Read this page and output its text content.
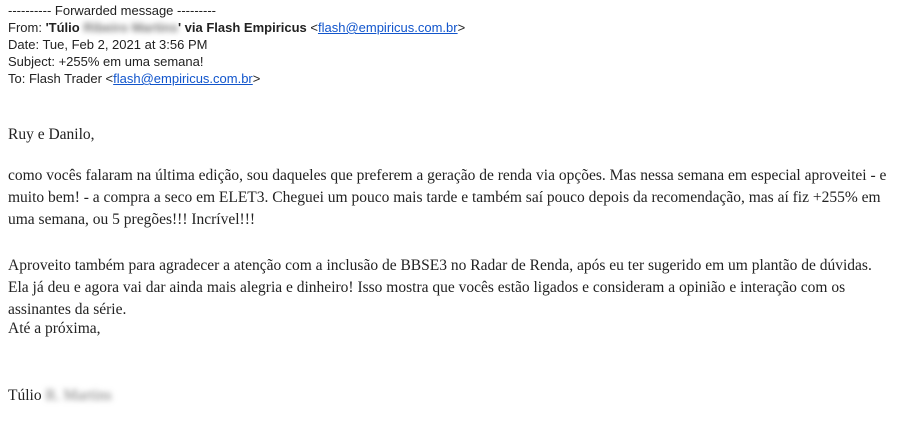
---------- Forwarded message ---------
From: 'Túlio Ribeiro Martins' via Flash Empiricus <flash@empiricus.com.br>
Date: Tue, Feb 2, 2021 at 3:56 PM
Subject: +255% em uma semana!
To: Flash Trader <flash@empiricus.com.br>

Ruy e Danilo,

como vocês falaram na última edição, sou daqueles que preferem a geração de renda via opções. Mas nessa semana em especial aproveitei - e muito bem! - a compra a seco em ELET3. Cheguei um pouco mais tarde e também saí pouco depois da recomendação, mas aí fiz +255% em uma semana, ou 5 pregões!!! Incrível!!!

Aproveito também para agradecer a atenção com a inclusão de BBSE3 no Radar de Renda, após eu ter sugerido em um plantão de dúvidas. Ela já deu e agora vai dar ainda mais alegria e dinheiro! Isso mostra que vocês estão ligados e consideram a opinião e interação com os assinantes da série.

Até a próxima,

Túlio R. Martins
